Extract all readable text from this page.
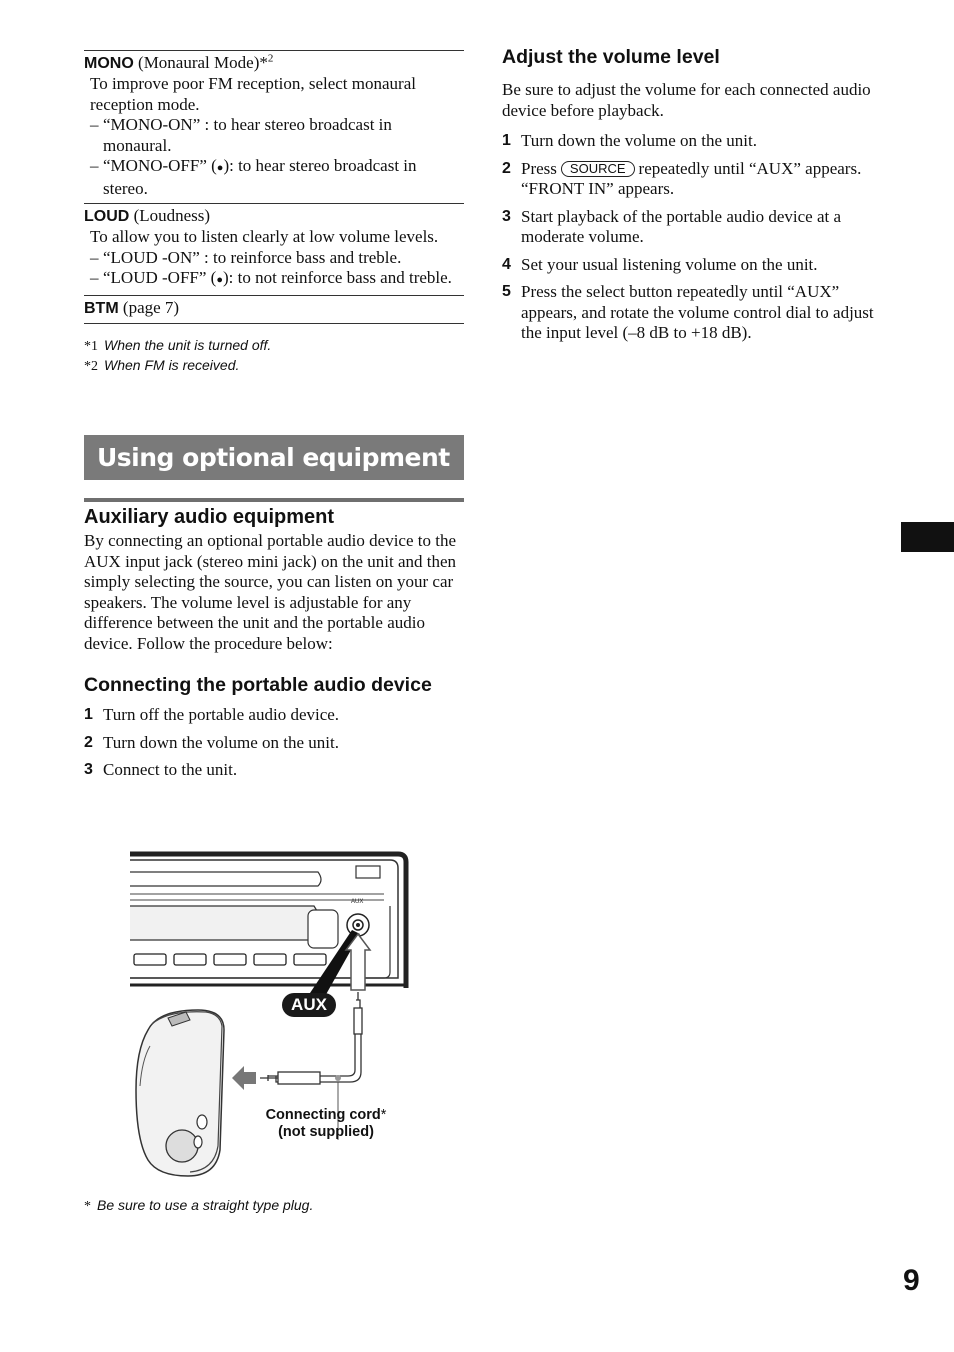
MONO (Monaural Mode)*$^2$
To improve poor FM reception, select monaural reception mode.
– “MONO-ON” : to hear stereo broadcast in monaural.
– “MONO-OFF” (●): to hear stereo broadcast in stereo.
LOUD (Loudness)
To allow you to listen clearly at low volume levels.
– “LOUD -ON” : to reinforce bass and treble.
– “LOUD -OFF” (●): to not reinforce bass and treble.
BTM (page 7)
*1 When the unit is turned off.
*2 When FM is received.
Using optional equipment
Auxiliary audio equipment
By connecting an optional portable audio device to the AUX input jack (stereo mini jack) on the unit and then simply selecting the source, you can listen on your car speakers. The volume level is adjustable for any difference between the unit and the portable audio device. Follow the procedure below:
Connecting the portable audio device
1 Turn off the portable audio device.
2 Turn down the volume on the unit.
3 Connect to the unit.
AUX
AUX
Connecting cord*
(not supplied)
* Be sure to use a straight type plug.
Adjust the volume level
Be sure to adjust the volume for each connected audio device before playback.
1 Turn down the volume on the unit.
2 Press SOURCE repeatedly until “AUX” appears.
“FRONT IN” appears.
3 Start playback of the portable audio device at a moderate volume.
4 Set your usual listening volume on the unit.
5 Press the select button repeatedly until “AUX” appears, and rotate the volume control dial to adjust the input level (–8 dB to +18 dB).
9
